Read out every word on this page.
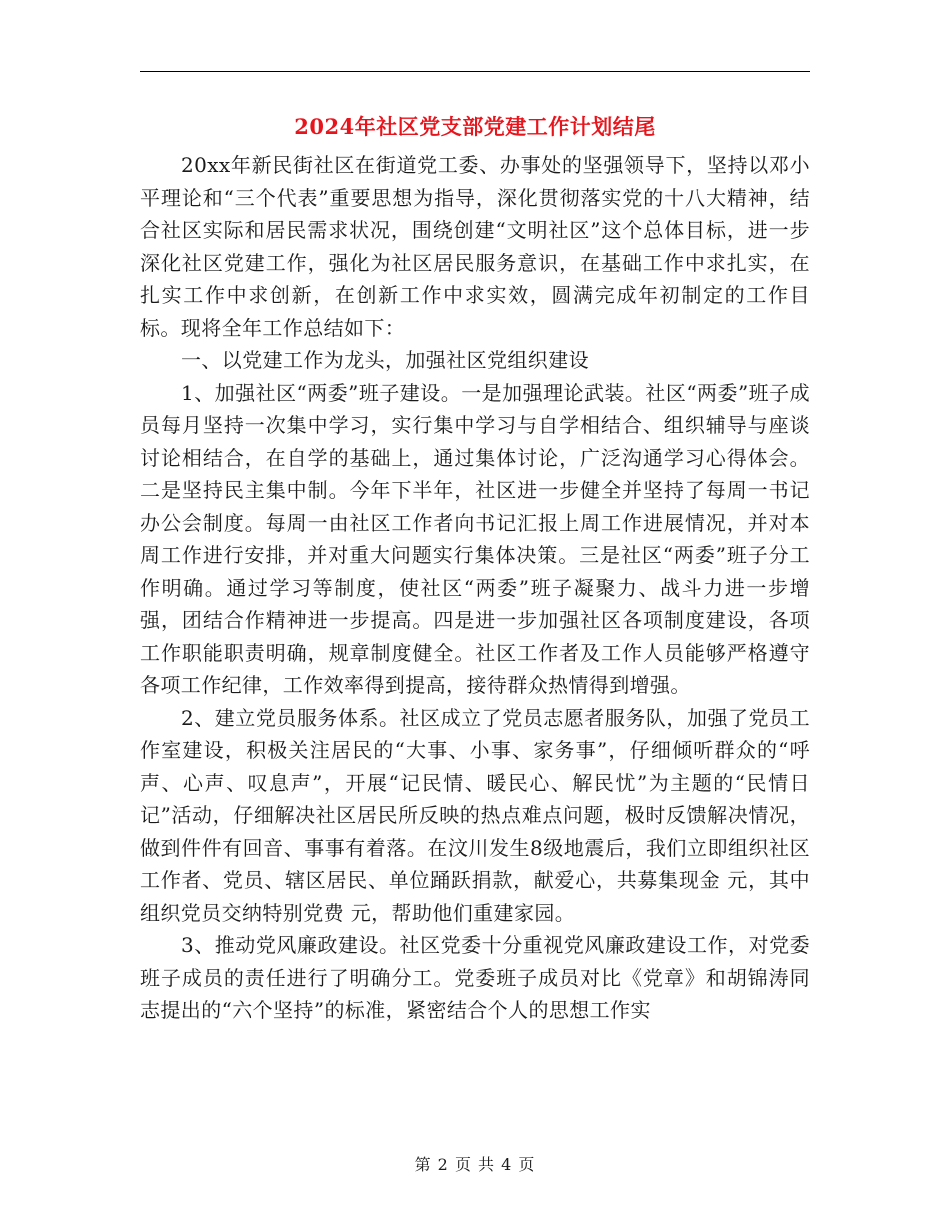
2024年社区党支部党建工作计划结尾

20xx年新民街社区在街道党工委、办事处的坚强领导下，坚持以邓小平理论和“三个代表”重要思想为指导，深化贯彻落实党的十八大精神，结合社区实际和居民需求状况，围绕创建“文明社区”这个总体目标，进一步深化社区党建工作，强化为社区居民服务意识，在基础工作中求扎实，在扎实工作中求创新，在创新工作中求实效，圆满完成年初制定的工作目标。现将全年工作总结如下：

一、以党建工作为龙头，加强社区党组织建设

1、加强社区“两委”班子建设。一是加强理论武装。社区“两委”班子成员每月坚持一次集中学习，实行集中学习与自学相结合、组织辅导与座谈讨论相结合，在自学的基础上，通过集体讨论，广泛沟通学习心得体会。二是坚持民主集中制。今年下半年，社区进一步健全并坚持了每周一书记办公会制度。每周一由社区工作者向书记汇报上周工作进展情况，并对本周工作进行安排，并对重大问题实行集体决策。三是社区“两委”班子分工作明确。通过学习等制度，使社区“两委”班子凝聚力、战斗力进一步增强，团结合作精神进一步提高。四是进一步加强社区各项制度建设，各项工作职能职责明确，规章制度健全。社区工作者及工作人员能够严格遵守各项工作纪律，工作效率得到提高，接待群众热情得到增强。

2、建立党员服务体系。社区成立了党员志愿者服务队，加强了党员工作室建设，积极关注居民的“大事、小事、家务事”，仔细倾听群众的“呼声、心声、叹息声”，开展“记民情、暖民心、解民忧”为主题的“民情日记”活动，仔细解决社区居民所反映的热点难点问题，极时反馈解决情况，做到件件有回音、事事有着落。在汶川发生8级地震后，我们立即组织社区工作者、党员、辖区居民、单位踊跃捐款，献爱心，共募集现金 元，其中组织党员交纳特别党费 元，帮助他们重建家园。

3、推动党风廉政建设。社区党委十分重视党风廉政建设工作，对党委班子成员的责任进行了明确分工。党委班子成员对比《党章》和胡锦涛同志提出的“六个坚持”的标准，紧密结合个人的思想工作实

第 2 页 共 4 页
